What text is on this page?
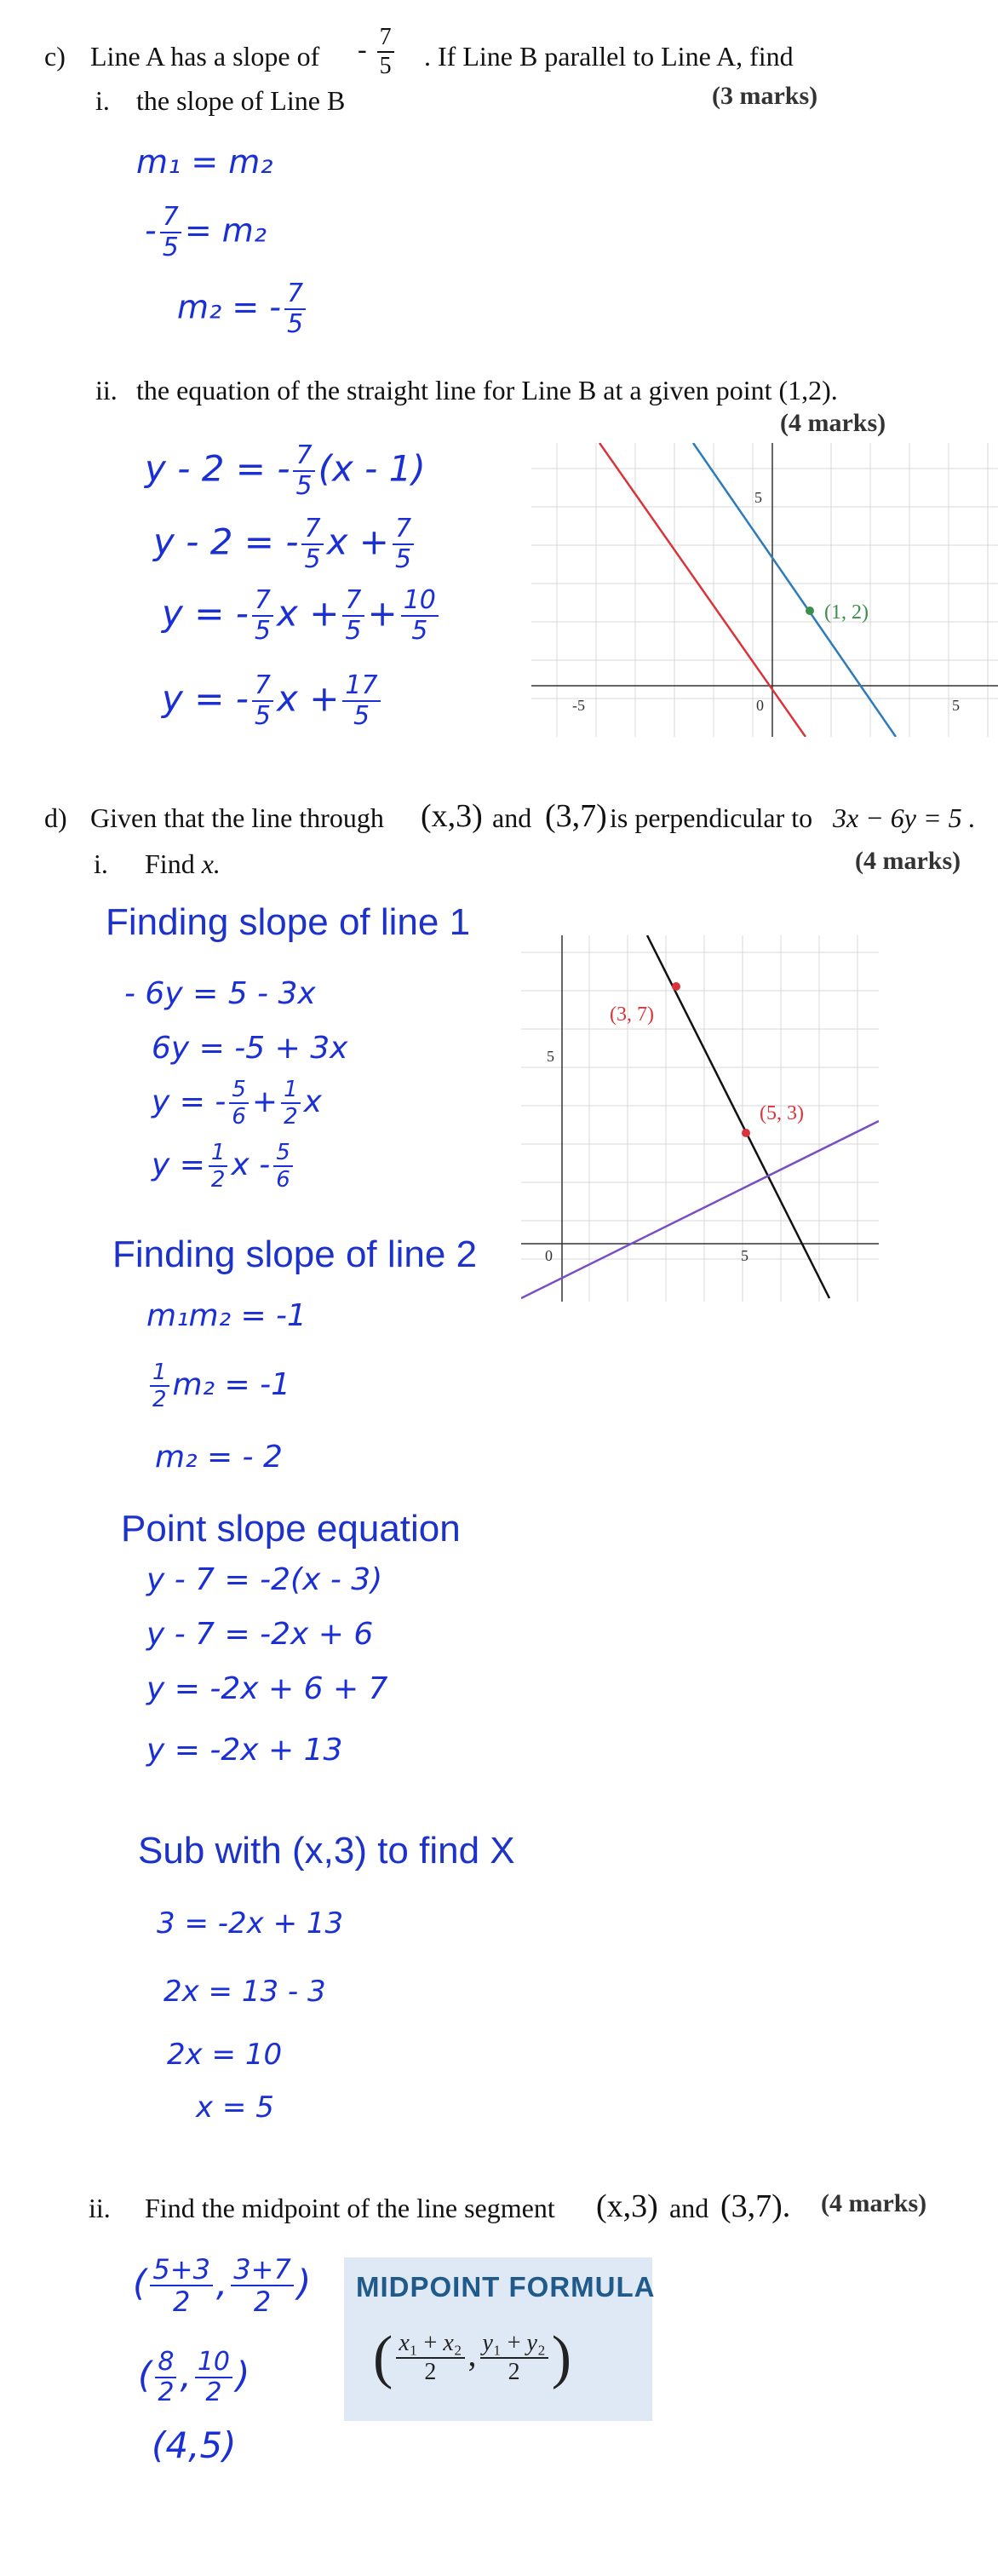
c) Line A has a slope of - $\frac{7}{5}$ . If Line B parallel to Line A, find
i. the slope of Line B	(3 marks)
m₁ = m₂
- $\frac{7}{5} = m_2$
m₂ = - $\frac{7}{5}$
ii. the equation of the straight line for Line B at a given point (1,2).
(4 marks)
y - 2 = - $\frac{7}{5} (x - 1)$
y - 2 = - $\frac{7}{5}$ $x + \frac{7}{5}$
y = - $\frac{7}{5}$ $x + \frac{7}{5} + \frac{10}{5}$
y = - $\frac{7}{5}$ $x + \frac{17}{5}$
(1, 2)
5
-5	0	5
d) Given that the line through (x,3) and (3,7) is perpendicular to 3x − 6y = 5 .
i. Find x.	(4 marks)
Finding slope of line 1
Finding slope of line 2
Point slope equation
Sub with (x,3) to find X
- 6y = 5 - 3x
6y = -5 + 3x
y = - $\frac{5}{6} + \frac{1}{2}$ x
$y = \frac{1}{2}$ x - $\frac{5}{6}$
m₁m₂ = -1
$\frac{1}{2} m_2 = -1$
m₂ = - 2
y - 7 = -2(x - 3)
y - 7 = -2x + 6
y = -2x + 6 + 7
y = -2x + 13
3 = -2x + 13
2x = 13 - 3
2x = 10
x = 5
(3, 7)
(5, 3)
5
0	5
ii. Find the midpoint of the line segment (x,3) and (3,7). (4 marks)
( $\frac{5+3}{2}$ , $\frac{3+7}{2}$ )
( $\frac{8}{2}$ , $\frac{10}{2}$ )
(4,5)
MIDPOINT FORMULA
( $\frac{\text{x₁ + x₂}}{2}$ , $\frac{\text{y₁ + y₂}}{2}$ )
